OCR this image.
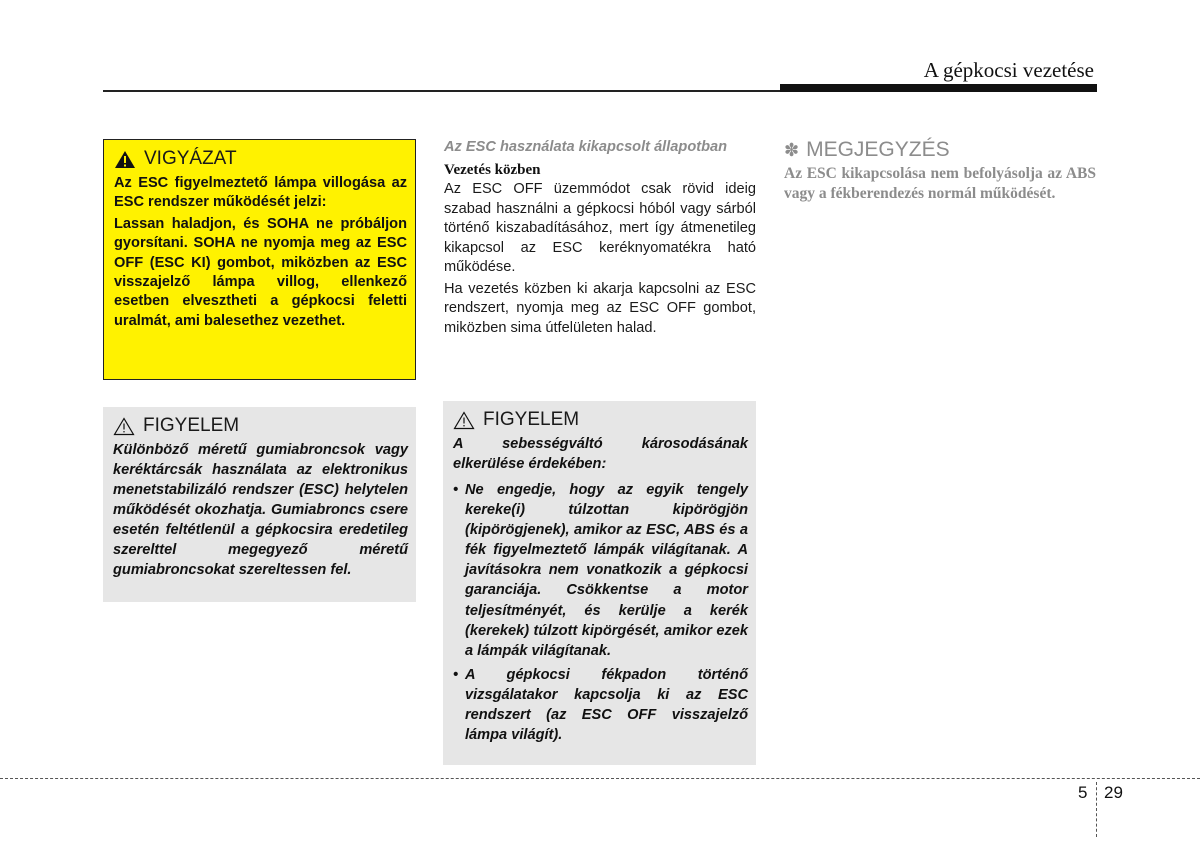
A gépkocsi vezetése
VIGYÁZAT

Az ESC figyelmeztető lámpa villogása az ESC rendszer működését jelzi:

Lassan haladjon, és SOHA ne próbáljon gyorsítani. SOHA ne nyomja meg az ESC OFF (ESC KI) gombot, miközben az ESC visszajelző lámpa villog, ellenkező esetben elvesztheti a gépkocsi feletti uralmát, ami balesethez vezethet.

FIGYELEM

Különböző méretű gumiabroncsok vagy keréktárcsák használata az elektronikus menetstabilizáló rendszer (ESC) helytelen működését okozhatja. Gumiabroncs csere esetén feltétlenül a gépkocsira eredetileg szerelttel megegyező méretű gumiabroncsokat szereltessen fel.

Az ESC használata kikapcsolt állapotban
Vezetés közben

Az ESC OFF üzemmódot csak rövid ideig szabad használni a gépkocsi hóból vagy sárból történő kiszabadításához, mert így átmenetileg kikapcsol az ESC keréknyomatékra ható működése.

Ha vezetés közben ki akarja kapcsolni az ESC rendszert, nyomja meg az ESC OFF gombot, miközben sima útfelületen halad.

FIGYELEM

A sebességváltó károsodásának elkerülése érdekében:

• Ne engedje, hogy az egyik tengely kereke(i) túlzottan kipörögjön (kipörögjenek), amikor az ESC, ABS és a fék figyelmeztető lámpák világítanak. A javításokra nem vonatkozik a gépkocsi garanciája. Csökkentse a motor teljesítményét, és kerülje a kerék (kerekek) túlzott kipörgését, amikor ezek a lámpák világítanak.
• A gépkocsi fékpadon történő vizsgálatakor kapcsolja ki az ESC rendszert (az ESC OFF visszajelző lámpa világít).
✽ MEGJEGYZÉS

Az ESC kikapcsolása nem befolyásolja az ABS vagy a fékberendezés normál működését.

5 29
